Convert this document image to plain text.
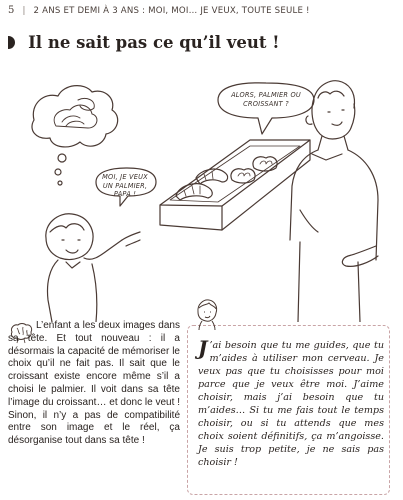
5 | 2 ANS ET DEMI À 3 ANS : MOI, MOI… JE VEUX, TOUTE SEULE !
Il ne sait pas ce qu’il veut !
ALORS, PALMIER OU CROISSANT ?
MOI, JE VEUX UN PALMIER, PAPA !

L’enfant a les deux images dans sa tête. Et tout nouveau : il a désormais la capacité de mémoriser le choix qu’il ne fait pas. Il sait que le croissant existe encore même s’il a choisi le palmier. Il voit dans sa tête l’image du croissant… et donc le veut ! Sinon, il n’y a pas de compatibilité entre son image et le réel, ça désorganise tout dans sa tête !

J ’ai besoin que tu me guides, que tu m’aides à utiliser mon cerveau. Je veux pas que tu choisisses pour moi parce que je veux être moi. J’aime choisir, mais j’ai besoin que tu m’aides… Si tu me fais tout le temps choisir, ou si tu attends que mes choix soient définitifs, ça m’angoisse. Je suis trop petite, je ne sais pas choisir !
